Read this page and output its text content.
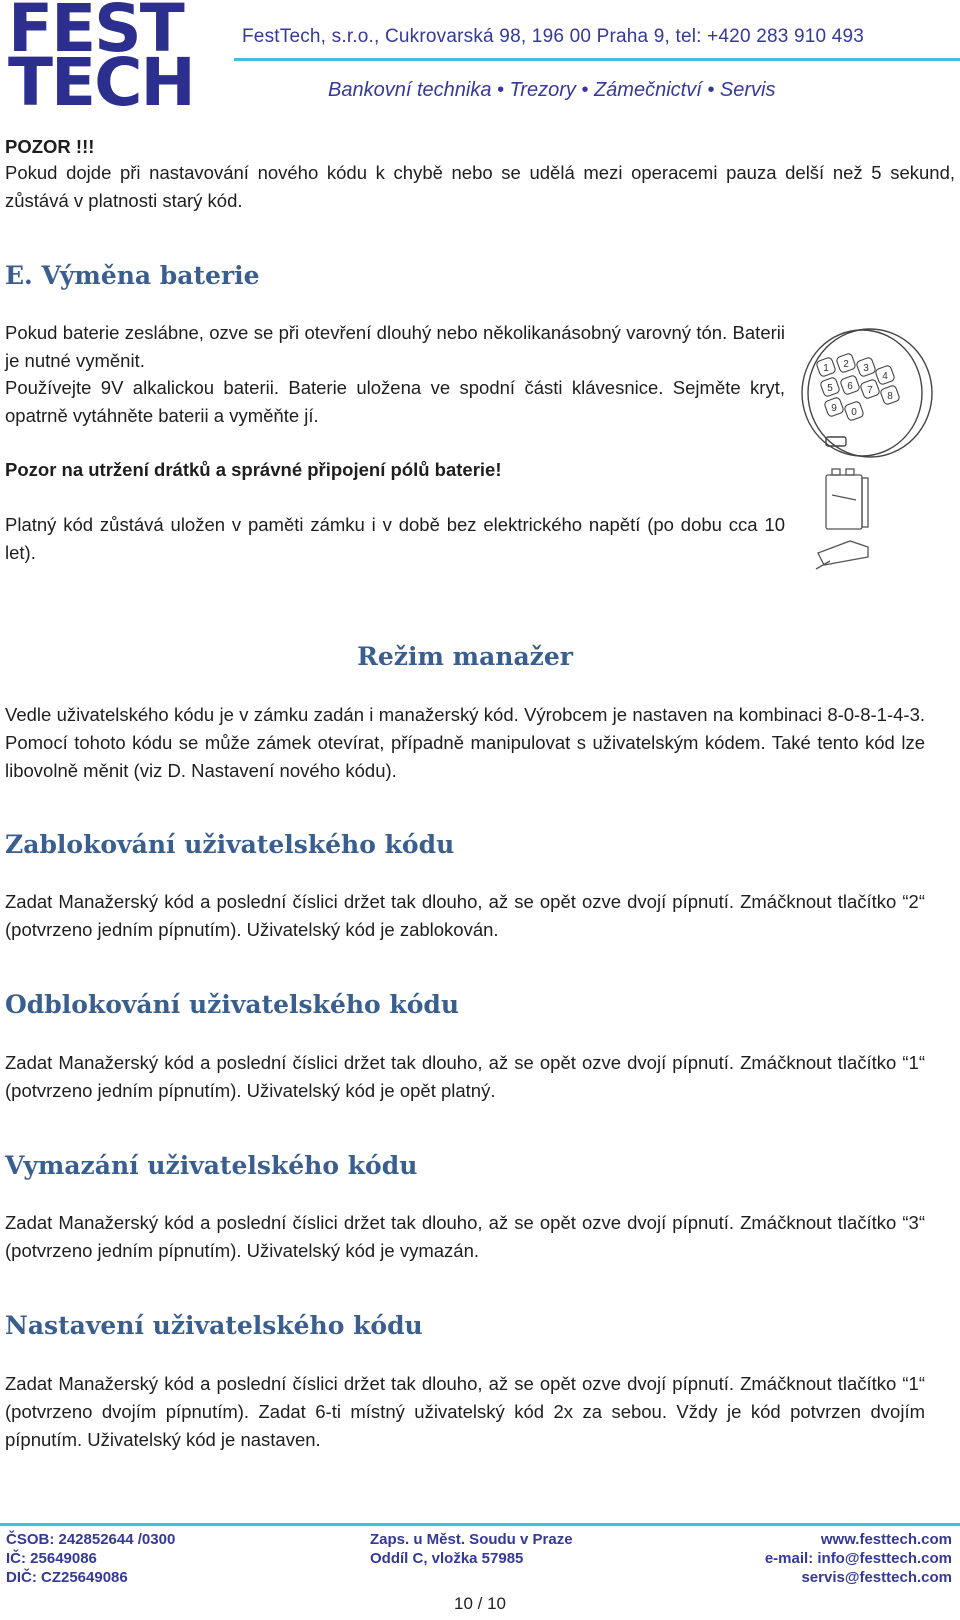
FEST
TECH
FestTech, s.r.o., Cukrovarská 98, 196 00 Praha 9, tel: +420 283 910 493
Bankovní technika • Trezory • Zámečnictví • Servis
POZOR !!!
Pokud dojde při nastavování nového kódu k chybě nebo se udělá mezi operacemi pauza delší než 5 sekund, zůstává v platnosti starý kód.
E. Výměna baterie
Pokud baterie zeslábne, ozve se při otevření dlouhý nebo několikanásobný varovný tón. Baterii je nutné vyměnit.
Používejte 9V alkalickou baterii. Baterie uložena ve spodní části klávesnice. Sejměte kryt, opatrně vytáhněte baterii a vyměňte jí.
Pozor na utržení drátků a správné připojení pólů baterie!
Platný kód zůstává uložen v paměti zámku i v době bez elektrického napětí (po dobu cca 10 let).
1 2 3
4
5 6 7
8
9 0
Režim manažer
Vedle uživatelského kódu je v zámku zadán i manažerský kód. Výrobcem je nastaven na kombinaci 8-0-8-1-4-3. Pomocí tohoto kódu se může zámek otevírat, případně manipulovat s uživatelským kódem. Také tento kód lze libovolně měnit (viz D. Nastavení nového kódu).
Zablokování uživatelského kódu
Zadat Manažerský kód a poslední číslici držet tak dlouho, až se opět ozve dvojí pípnutí. Zmáčknout tlačítko “2“ (potvrzeno jedním pípnutím). Uživatelský kód je zablokován.
Odblokování uživatelského kódu
Zadat Manažerský kód a poslední číslici držet tak dlouho, až se opět ozve dvojí pípnutí. Zmáčknout tlačítko “1“ (potvrzeno jedním pípnutím). Uživatelský kód je opět platný.
Vymazání uživatelského kódu
Zadat Manažerský kód a poslední číslici držet tak dlouho, až se opět ozve dvojí pípnutí. Zmáčknout tlačítko “3“ (potvrzeno jedním pípnutím). Uživatelský kód je vymazán.
Nastavení uživatelského kódu
Zadat Manažerský kód a poslední číslici držet tak dlouho, až se opět ozve dvojí pípnutí. Zmáčknout tlačítko “1“ (potvrzeno dvojím pípnutím). Zadat 6-ti místný uživatelský kód 2x za sebou. Vždy je kód potvrzen dvojím pípnutím. Uživatelský kód je nastaven.
ČSOB: 242852644 /0300
IČ: 25649086
DIČ: CZ25649086
Zaps. u Měst. Soudu v Praze
Oddíl C, vložka 57985
www.festtech.com
e-mail: info@festtech.com
servis@festtech.com
10 / 10
